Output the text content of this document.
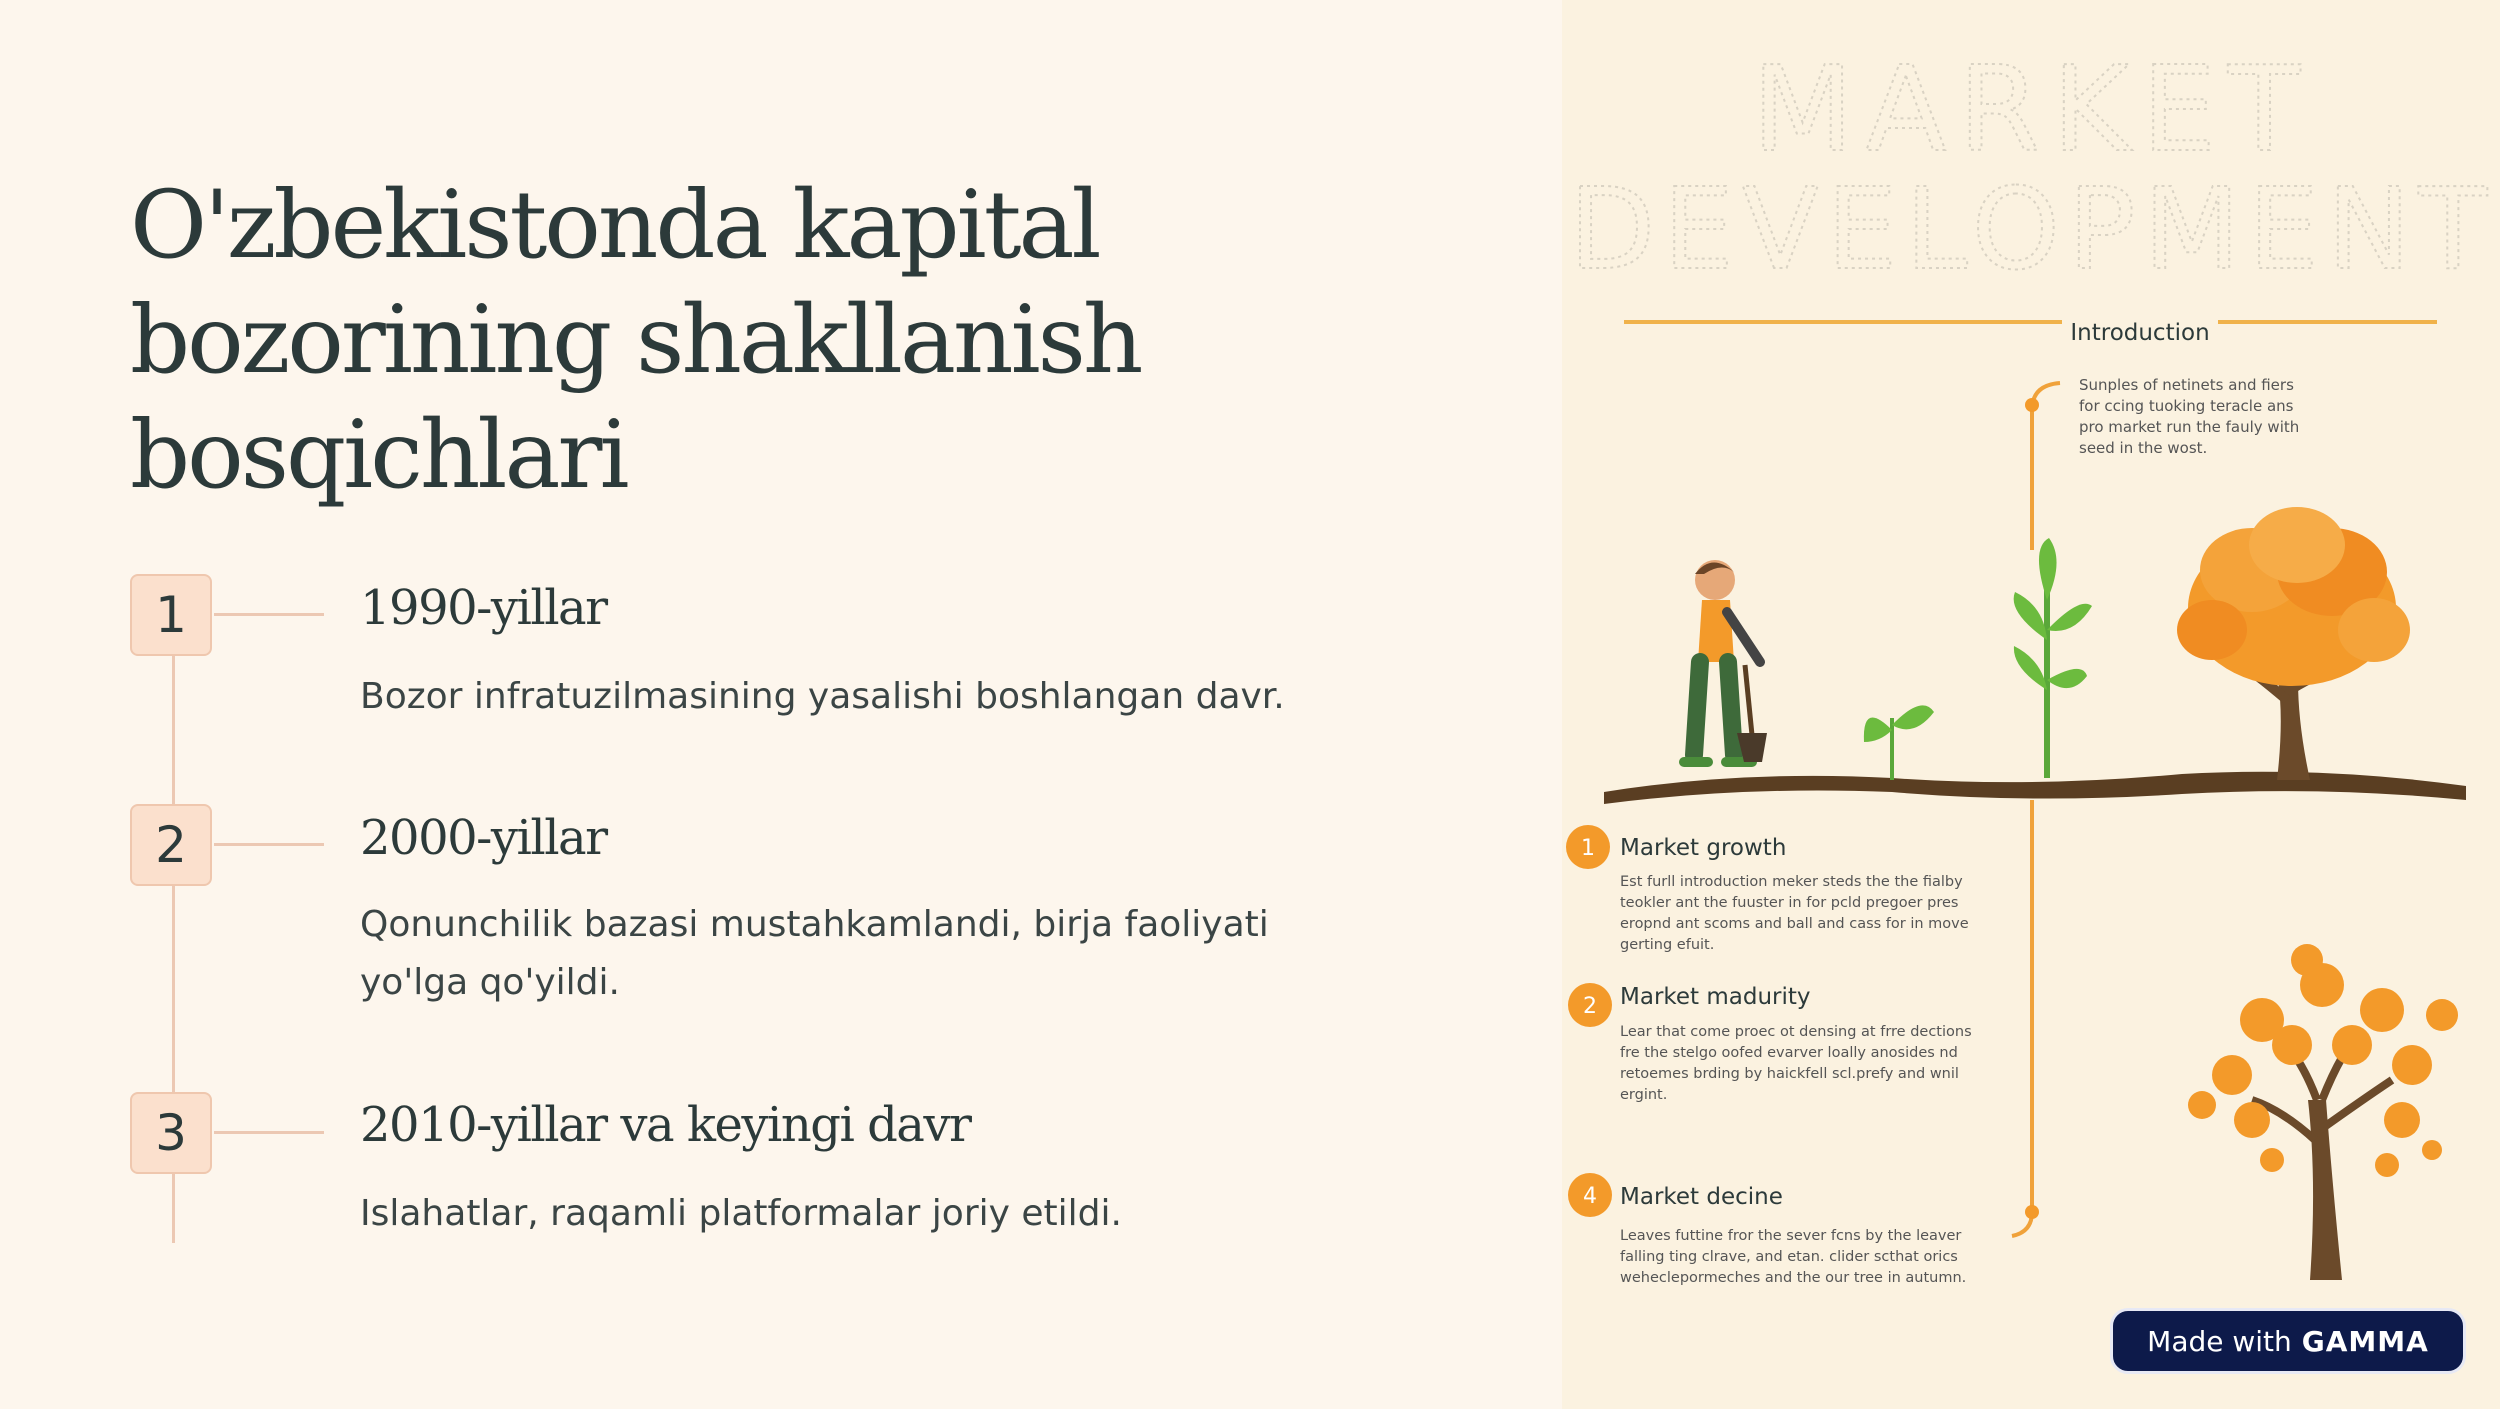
O'zbekistonda kapital
bozorining shakllanish
bosqichlari
1	1990-yillar

Bozor infratuzilmasining yasalishi boshlangan davr.

2	2000-yillar

Qonunchilik bazasi mustahkamlandi, birja faoliyati yo'lga qo'yildi.

3	2010-yillar va keyingi davr

Islahatlar, raqamli platformalar joriy etildi.

MARKET
DEVELOPMENT
Introduction
Sunples of netinets and fiers
for ccing tuoking teracle ans
pro market run the fauly with
seed in the wost.
1 Market growth
Est furll introduction meker steds the the fialby
teokler ant the fuuster in for pcld pregoer pres
eropnd ant scoms and ball and cass for in move
gerting efuit.
2 Market madurity
Lear that come proec ot densing at frre dections
fre the stelgo oofed evarver loally anosides nd
retoemes brding by haickfell scl.prefy and wnil
ergint.
4 Market decine
Leaves futtine fror the sever fcns by the leaver
falling ting clrave, and etan. clider scthat orics
weheclepormeches and the our tree in autumn.
Made with GAMMA
